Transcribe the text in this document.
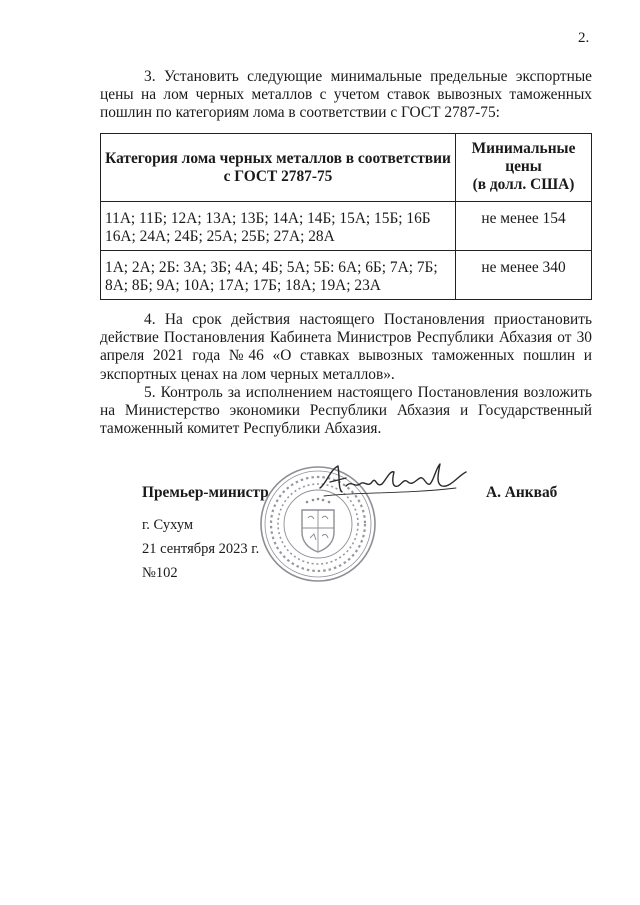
2.

3. Установить следующие минимальные предельные экспортные цены на лом черных металлов с учетом ставок вывозных таможенных пошлин по категориям лома в соответствии с ГОСТ 2787-75:

Категория лома черных металлов в соответствии с ГОСТ 2787-75	Минимальные цены
(в долл. США)

11А; 11Б; 12А; 13А; 13Б; 14А; 14Б; 15А; 15Б; 16Б 16А; 24А; 24Б; 25А; 25Б; 27А; 28А	не менее 154
1А; 2А; 2Б: 3А; 3Б; 4А; 4Б; 5А; 5Б: 6А; 6Б; 7А; 7Б; 8А; 8Б; 9А; 10А; 17А; 17Б; 18А; 19А; 23А	не менее 340

4. На срок действия настоящего Постановления приостановить действие Постановления Кабинета Министров Республики Абхазия от 30 апреля 2021 года №46 «О ставках вывозных таможенных пошлин и экспортных ценах на лом черных металлов».

5. Контроль за исполнением настоящего Постановления возложить на Министерство экономики Республики Абхазия и Государственный таможенный комитет Республики Абхазия.

Премьер-министр	А. Анкваб
г. Сухум
21 сентября 2023 г.
№102
